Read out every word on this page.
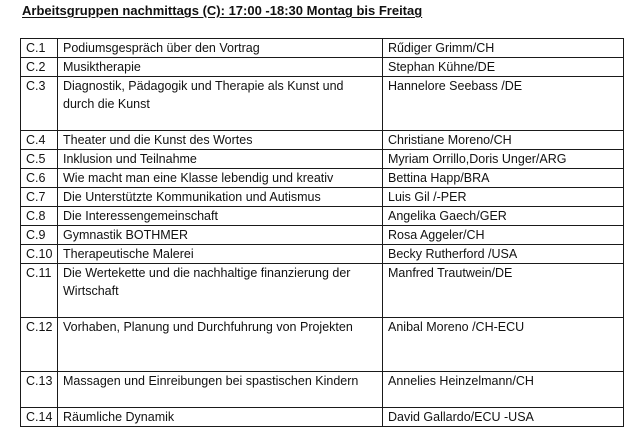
Arbeitsgruppen nachmittags (C): 17:00 -18:30 Montag bis Freitag
C.1	Podiumsgespräch über den Vortrag	Rűdiger Grimm/CH
C.2	Musiktherapie	Stephan Kühne/DE
C.3	Diagnostik, Pädagogik und Therapie als Kunst und durch die Kunst	Hannelore Seebass /DE
C.4	Theater und die Kunst des Wortes	Christiane Moreno/CH
C.5	Inklusion und Teilnahme	Myriam Orrillo,Doris Unger/ARG
C.6	Wie macht man eine Klasse lebendig und kreativ	Bettina Happ/BRA
C.7	Die Unterstützte Kommunikation und Autismus	Luis Gil /-PER
C.8	Die Interessengemeinschaft	Angelika Gaech/GER
C.9	Gymnastik BOTHMER	Rosa Aggeler/CH
C.10	Therapeutische Malerei	Becky Rutherford /USA
C.11	Die Wertekette und die nachhaltige finanzierung der Wirtschaft	Manfred Trautwein/DE
C.12	Vorhaben, Planung und Durchfuhrung von Projekten	Anibal Moreno /CH-ECU
C.13	Massagen und Einreibungen bei spastischen Kindern	Annelies Heinzelmann/CH
C.14	Räumliche Dynamik	David Gallardo/ECU -USA
